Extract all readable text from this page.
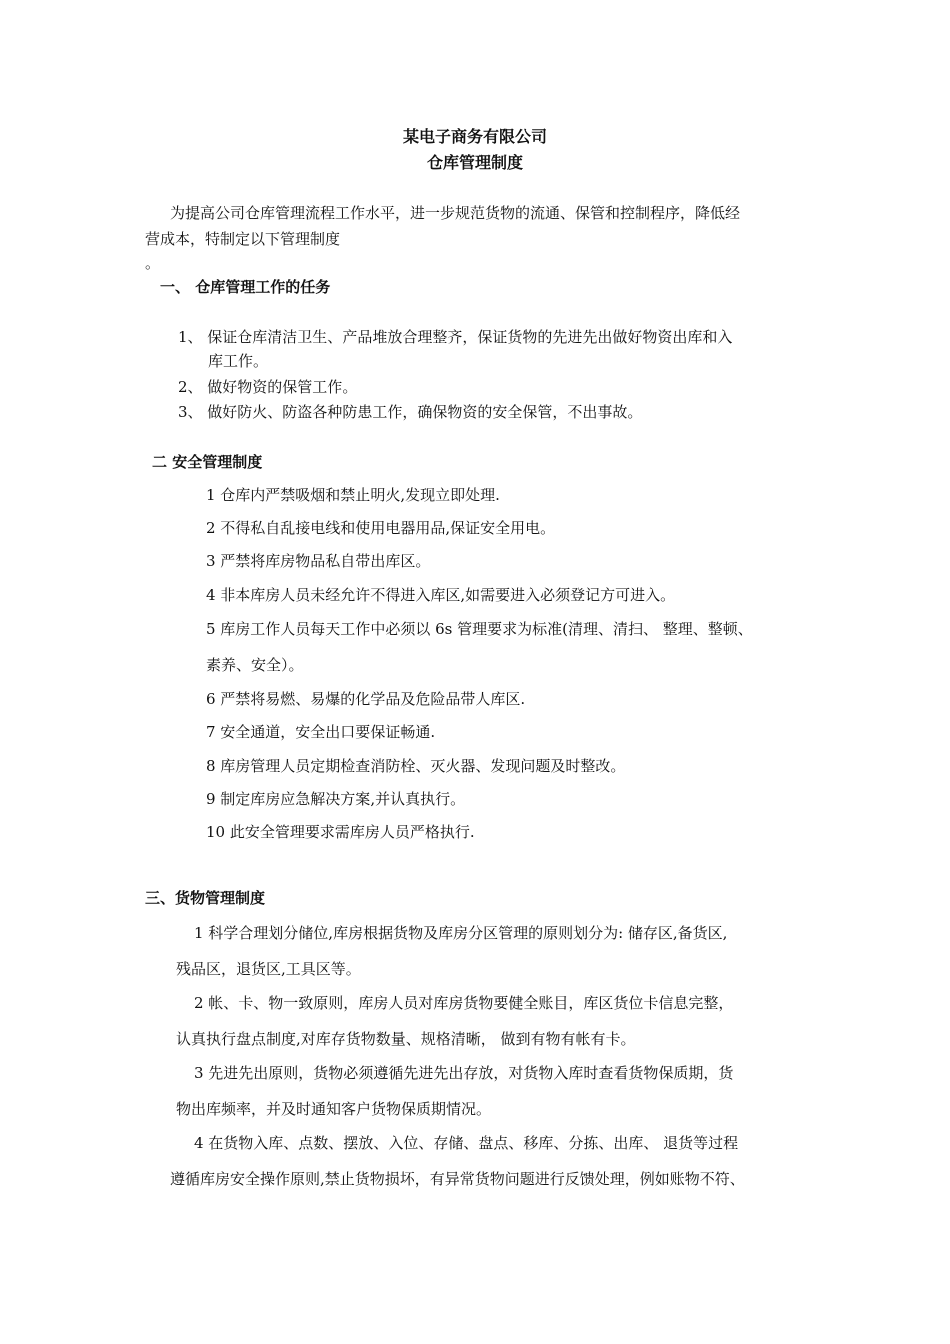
某电子商务有限公司
仓库管理制度
为提高公司仓库管理流程工作水平，进一步规范货物的流通、保管和控制程序，降低经
营成本，特制定以下管理制度
。
一、 仓库管理工作的任务
1、 保证仓库清洁卫生、产品堆放合理整齐，保证货物的先进先出做好物资出库和入
库工作。
2、 做好物资的保管工作。
3、 做好防火、防盗各种防患工作，确保物资的安全保管，不出事故。
二 安全管理制度
1 仓库内严禁吸烟和禁止明火,发现立即处理.
2 不得私自乱接电线和使用电器用品,保证安全用电。
3 严禁将库房物品私自带出库区。
4 非本库房人员未经允许不得进入库区,如需要进入必须登记方可进入。
5 库房工作人员每天工作中必须以 6s 管理要求为标准(清理、清扫、 整理、整顿、
素养、安全）。
6 严禁将易燃、易爆的化学品及危险品带人库区.
7 安全通道，安全出口要保证畅通.
8 库房管理人员定期检查消防栓、灭火器、发现问题及时整改。
9 制定库房应急解决方案,并认真执行。
10 此安全管理要求需库房人员严格执行.
三、货物管理制度
1 科学合理划分储位,库房根据货物及库房分区管理的原则划分为: 储存区,备货区,
残品区，退货区,工具区等。
2 帐、卡、物一致原则，库房人员对库房货物要健全账目，库区货位卡信息完整，
认真执行盘点制度,对库存货物数量、规格清晰， 做到有物有帐有卡。
3 先进先出原则，货物必须遵循先进先出存放，对货物入库时查看货物保质期，货
物出库频率，并及时通知客户货物保质期情况。
4 在货物入库、点数、摆放、入位、存储、盘点、移库、分拣、出库、 退货等过程
遵循库房安全操作原则,禁止货物损坏，有异常货物问题进行反馈处理，例如账物不符、
